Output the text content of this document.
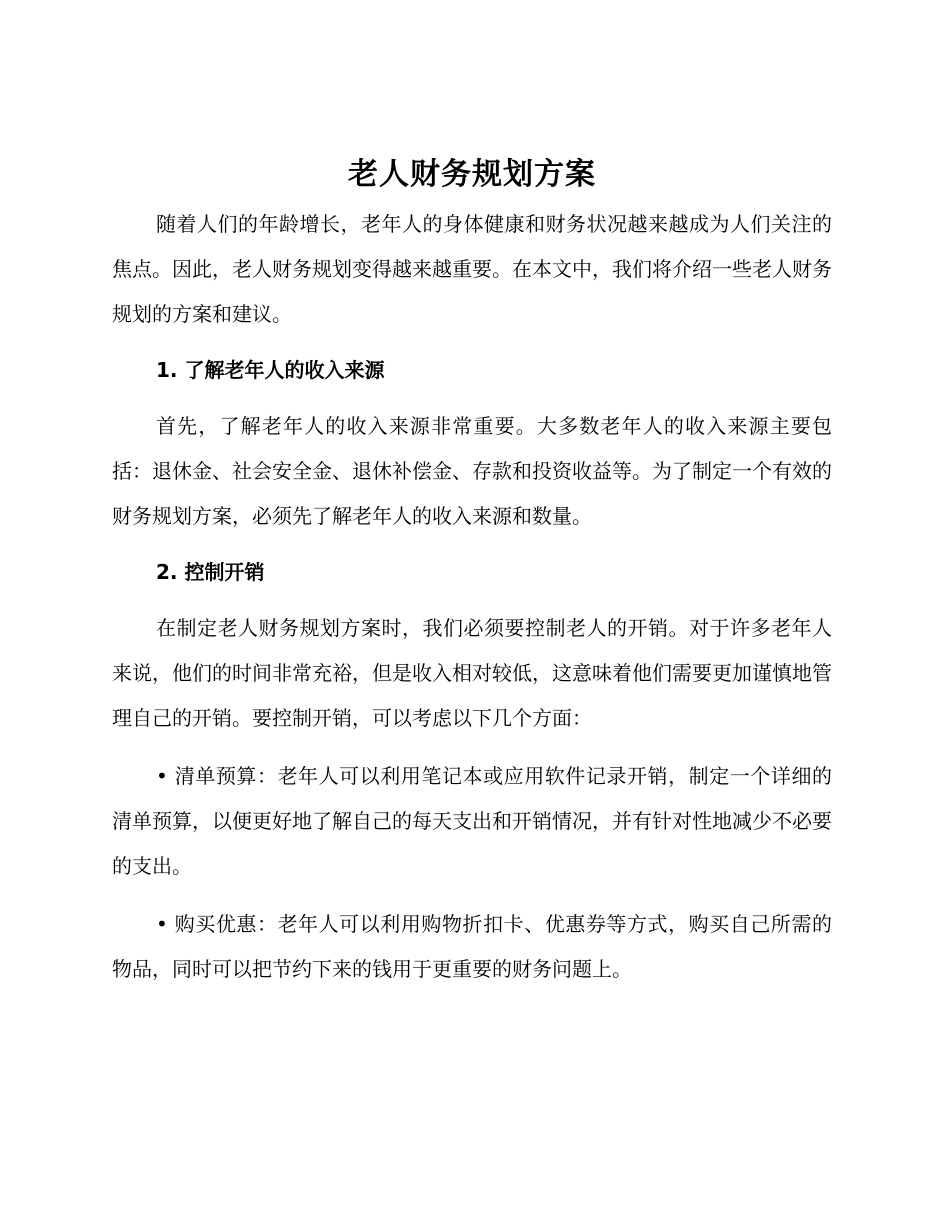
老人财务规划方案

随着人们的年龄增长，老年人的身体健康和财务状况越来越成为人们关注的焦点。因此，老人财务规划变得越来越重要。在本文中，我们将介绍一些老人财务规划的方案和建议。

1. 了解老年人的收入来源

首先，了解老年人的收入来源非常重要。大多数老年人的收入来源主要包括：退休金、社会安全金、退休补偿金、存款和投资收益等。为了制定一个有效的财务规划方案，必须先了解老年人的收入来源和数量。

2. 控制开销

在制定老人财务规划方案时，我们必须要控制老人的开销。对于许多老年人来说，他们的时间非常充裕，但是收入相对较低，这意味着他们需要更加谨慎地管理自己的开销。要控制开销，可以考虑以下几个方面：

• 清单预算：老年人可以利用笔记本或应用软件记录开销，制定一个详细的清单预算，以便更好地了解自己的每天支出和开销情况，并有针对性地减少不必要的支出。

• 购买优惠：老年人可以利用购物折扣卡、优惠券等方式，购买自己所需的物品，同时可以把节约下来的钱用于更重要的财务问题上。
